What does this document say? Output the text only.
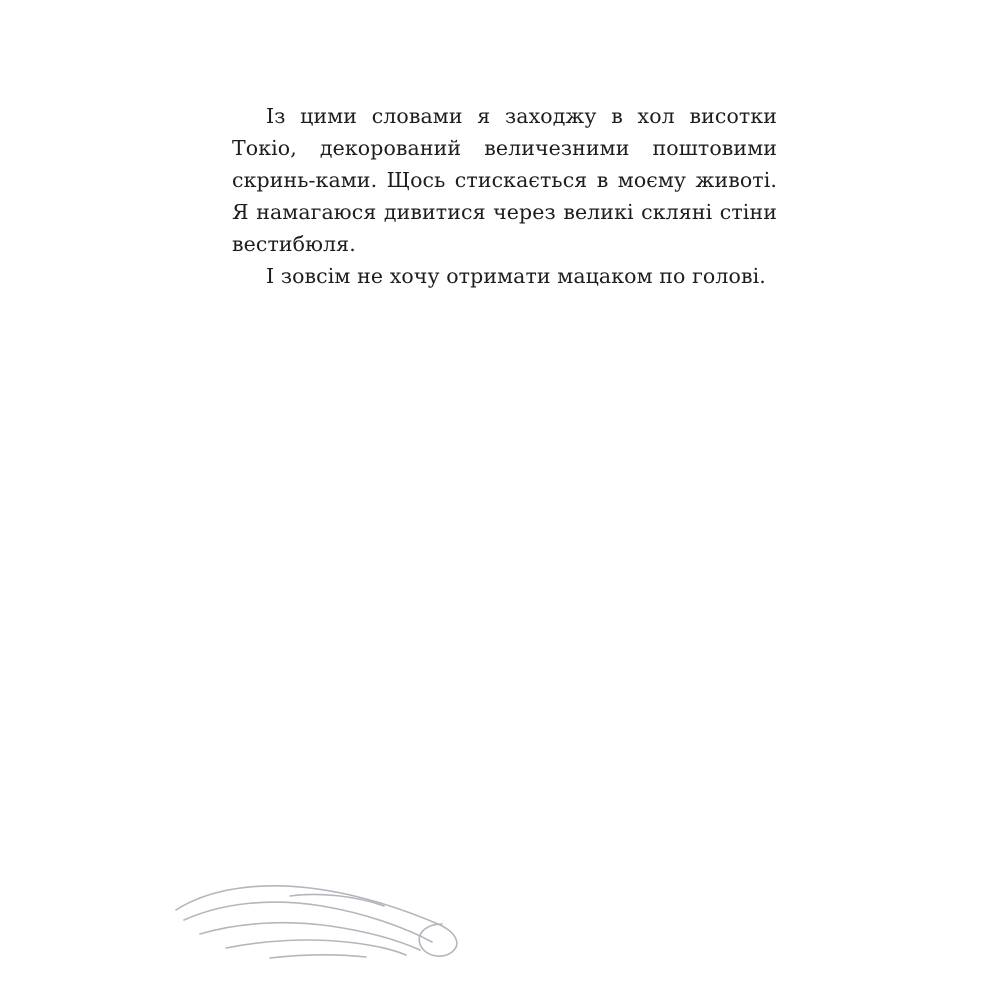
Із цими словами я заходжу в хол висотки Токіо, декорований величезними поштовими скринь-ками. Щось стискається в моєму животі. Я намагаюся дивитися через великі скляні стіни вестибюля.

І зовсім не хочу отримати мацаком по голові.
